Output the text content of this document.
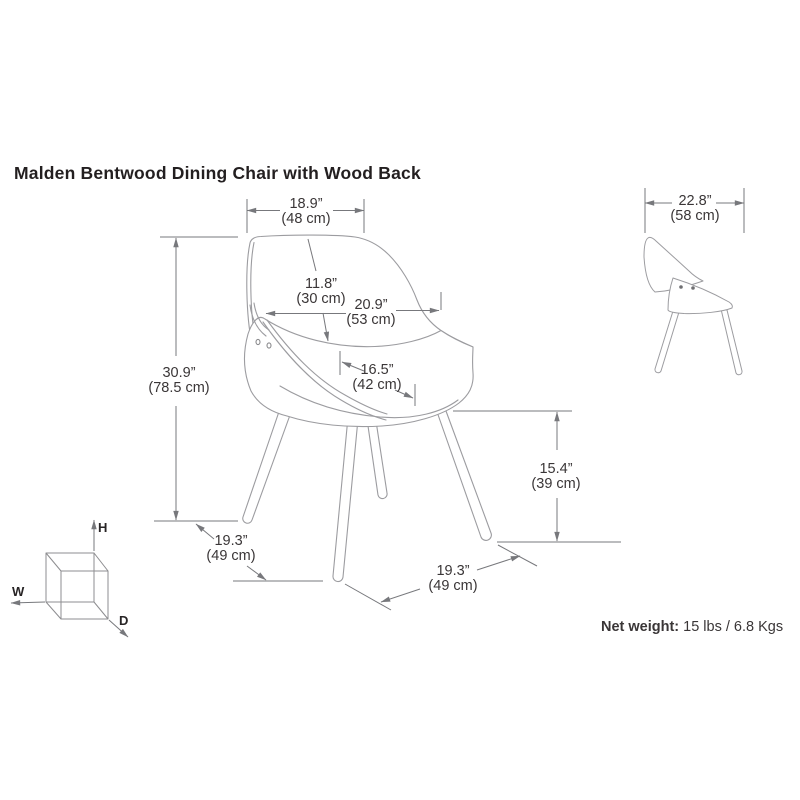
Malden Bentwood Dining Chair with Wood Back
18.9”
(48 cm)
11.8”
(30 cm) 20.9”
(53 cm)
16.5”
(42 cm)
30.9”
(78.5 cm)
15.4”
(39 cm)
19.3”
(49 cm)
19.3”
(49 cm)
22.8”
(58 cm)
H
W
D	Net weight: 15 lbs / 6.8 Kgs
